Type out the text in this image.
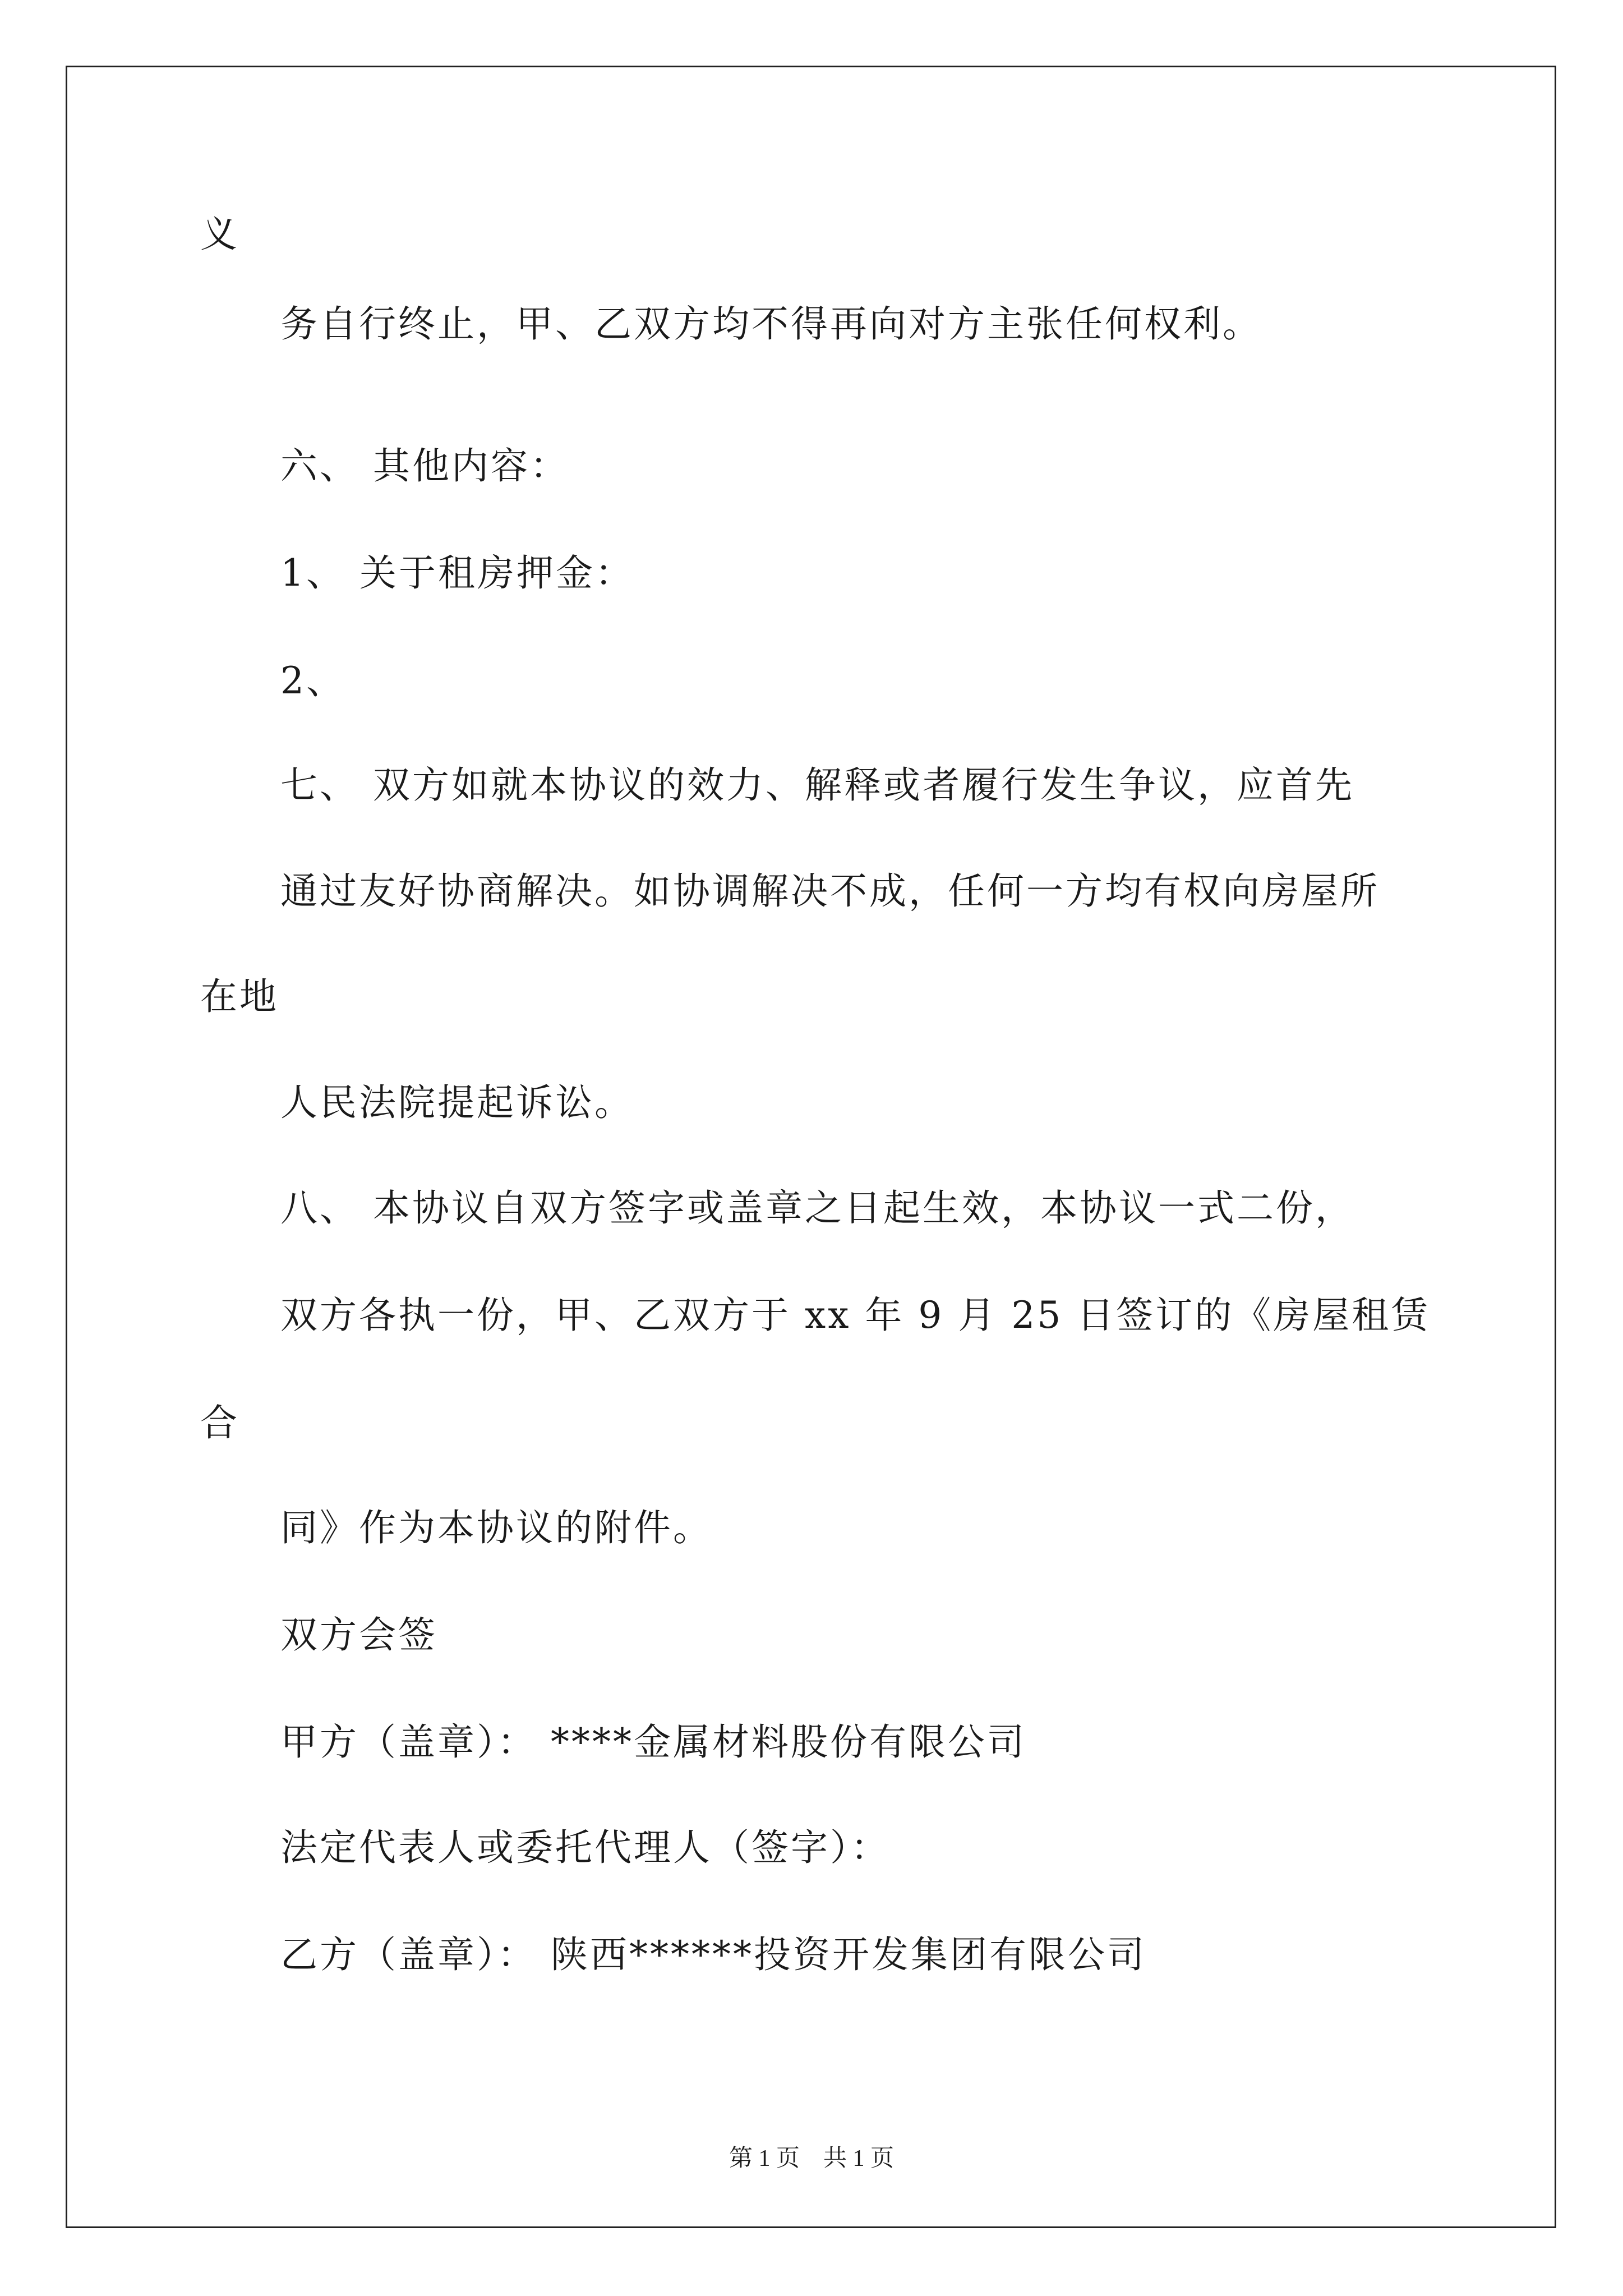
义
务自行终止，甲、乙双方均不得再向对方主张任何权利。
六、 其他内容：
1、 关于租房押金：
2、
七、 双方如就本协议的效力、解释或者履行发生争议，应首先
通过友好协商解决。如协调解决不成，任何一方均有权向房屋所
在地
人民法院提起诉讼。
八、 本协议自双方签字或盖章之日起生效，本协议一式二份，
双方各执一份，甲、乙双方于 xx 年 9 月 25 日签订的《房屋租赁
合
同》作为本协议的附件。
双方会签
甲方（盖章）： ****金属材料股份有限公司
法定代表人或委托代理人（签字）：
乙方（盖章）： 陕西******投资开发集团有限公司
第 1 页　共 1 页
